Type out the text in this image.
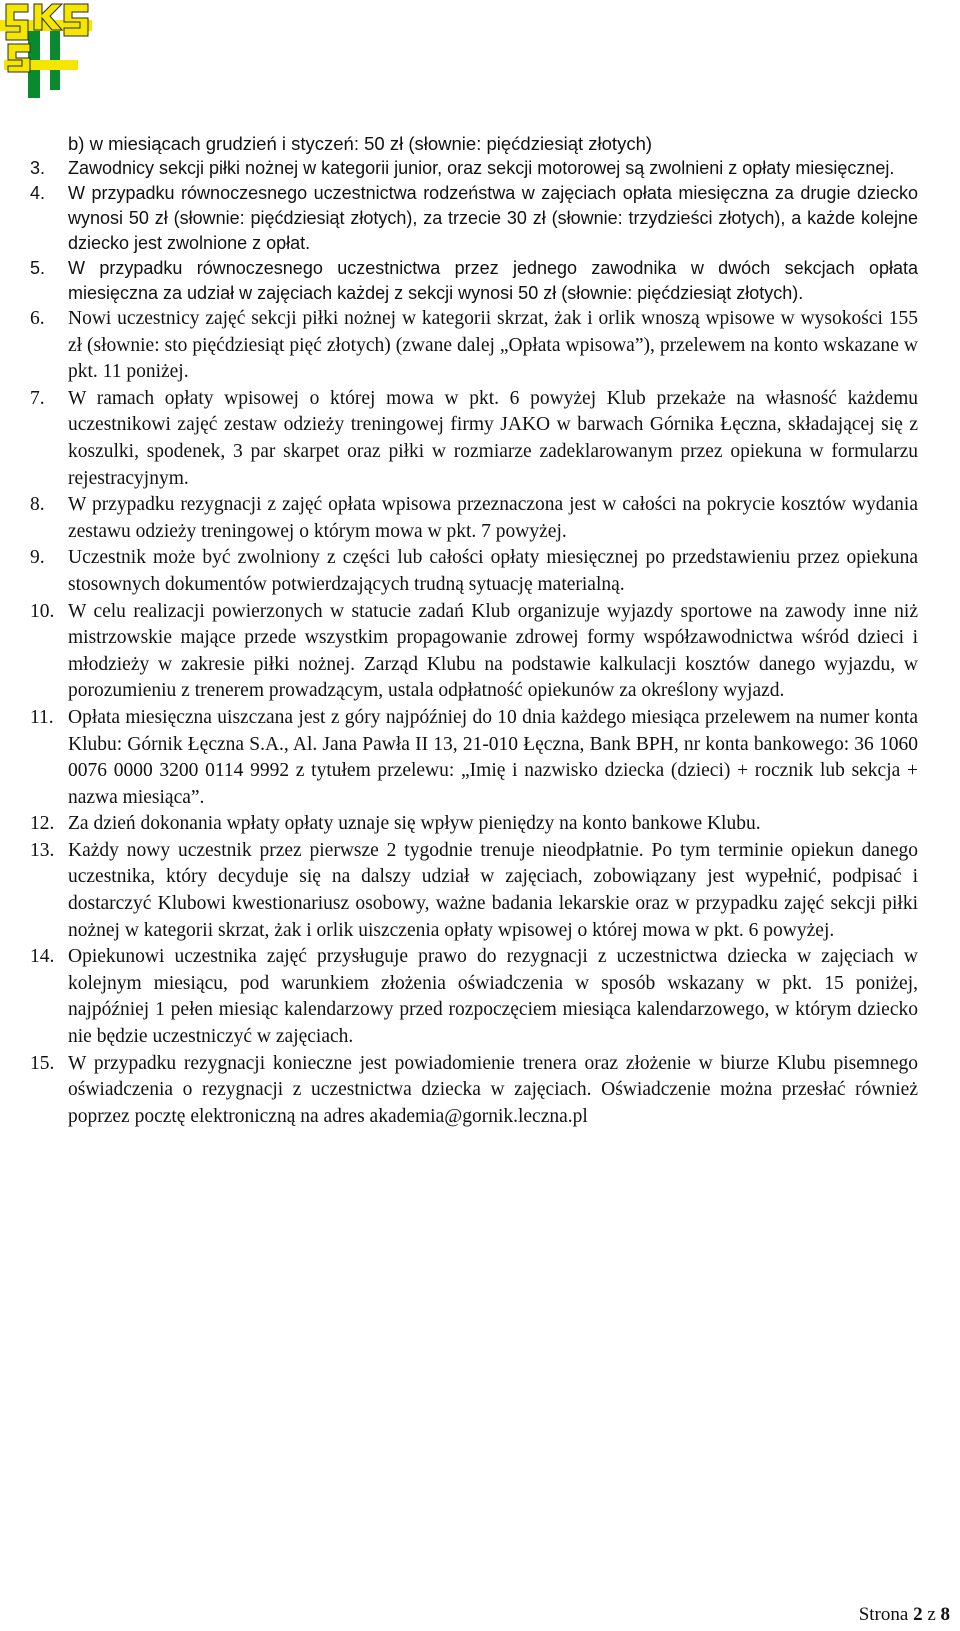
b) w miesiącach grudzień i styczeń: 50 zł (słownie: pięćdziesiąt złotych)

3.	Zawodnicy sekcji piłki nożnej w kategorii junior, oraz sekcji motorowej są zwolnieni z opłaty miesięcznej.
4.	W przypadku równoczesnego uczestnictwa rodzeństwa w zajęciach opłata miesięczna za drugie dziecko wynosi 50 zł (słownie: pięćdziesiąt złotych), za trzecie 30 zł (słownie: trzydzieści złotych), a każde kolejne dziecko jest zwolnione z opłat.
5.	W przypadku równoczesnego uczestnictwa przez jednego zawodnika w dwóch sekcjach opłata miesięczna za udział w zajęciach każdej z sekcji wynosi 50 zł (słownie: pięćdziesiąt złotych).
6.	Nowi uczestnicy zajęć sekcji piłki nożnej w kategorii skrzat, żak i orlik wnoszą wpisowe w wysokości 155 zł (słownie: sto pięćdziesiąt pięć złotych) (zwane dalej „Opłata wpisowa”), przelewem na konto wskazane w pkt. 11 poniżej.
7.	W ramach opłaty wpisowej o której mowa w pkt. 6 powyżej Klub przekaże na własność każdemu uczestnikowi zajęć zestaw odzieży treningowej firmy JAKO w barwach Górnika Łęczna, składającej się z koszulki, spodenek, 3 par skarpet oraz piłki w rozmiarze zadeklarowanym przez opiekuna w formularzu rejestracyjnym.
8.	W przypadku rezygnacji z zajęć opłata wpisowa przeznaczona jest w całości na pokrycie kosztów wydania zestawu odzieży treningowej o którym mowa w pkt. 7 powyżej.
9.	Uczestnik może być zwolniony z części lub całości opłaty miesięcznej po przedstawieniu przez opiekuna stosownych dokumentów potwierdzających trudną sytuację materialną.
10. W celu realizacji powierzonych w statucie zadań Klub organizuje wyjazdy sportowe na zawody inne niż mistrzowskie mające przede wszystkim propagowanie zdrowej formy współzawodnictwa wśród dzieci i młodzieży w zakresie piłki nożnej. Zarząd Klubu na podstawie kalkulacji kosztów danego wyjazdu, w porozumieniu z trenerem prowadzącym, ustala odpłatność opiekunów za określony wyjazd.
11. Opłata miesięczna uiszczana jest z góry najpóźniej do 10 dnia każdego miesiąca przelewem na numer konta Klubu: Górnik Łęczna S.A., Al. Jana Pawła II 13, 21-010 Łęczna, Bank BPH, nr konta bankowego: 36 1060 0076 0000 3200 0114 9992 z tytułem przelewu: „Imię i nazwisko dziecka (dzieci) + rocznik lub sekcja + nazwa miesiąca”.
12. Za dzień dokonania wpłaty opłaty uznaje się wpływ pieniędzy na konto bankowe Klubu.
13. Każdy nowy uczestnik przez pierwsze 2 tygodnie trenuje nieodpłatnie. Po tym terminie opiekun danego uczestnika, który decyduje się na dalszy udział w zajęciach, zobowiązany jest wypełnić, podpisać i dostarczyć Klubowi kwestionariusz osobowy, ważne badania lekarskie oraz w przypadku zajęć sekcji piłki nożnej w kategorii skrzat, żak i orlik uiszczenia opłaty wpisowej o której mowa w pkt. 6 powyżej.
14. Opiekunowi uczestnika zajęć przysługuje prawo do rezygnacji z uczestnictwa dziecka w zajęciach w kolejnym miesiącu, pod warunkiem złożenia oświadczenia w sposób wskazany w pkt. 15 poniżej, najpóźniej 1 pełen miesiąc kalendarzowy przed rozpoczęciem miesiąca kalendarzowego, w którym dziecko nie będzie uczestniczyć w zajęciach.
15. W przypadku rezygnacji konieczne jest powiadomienie trenera oraz złożenie w biurze Klubu pisemnego oświadczenia o rezygnacji z uczestnictwa dziecka w zajęciach. Oświadczenie można przesłać również poprzez pocztę elektroniczną na adres akademia@gornik.leczna.pl
Strona 2 z 8
